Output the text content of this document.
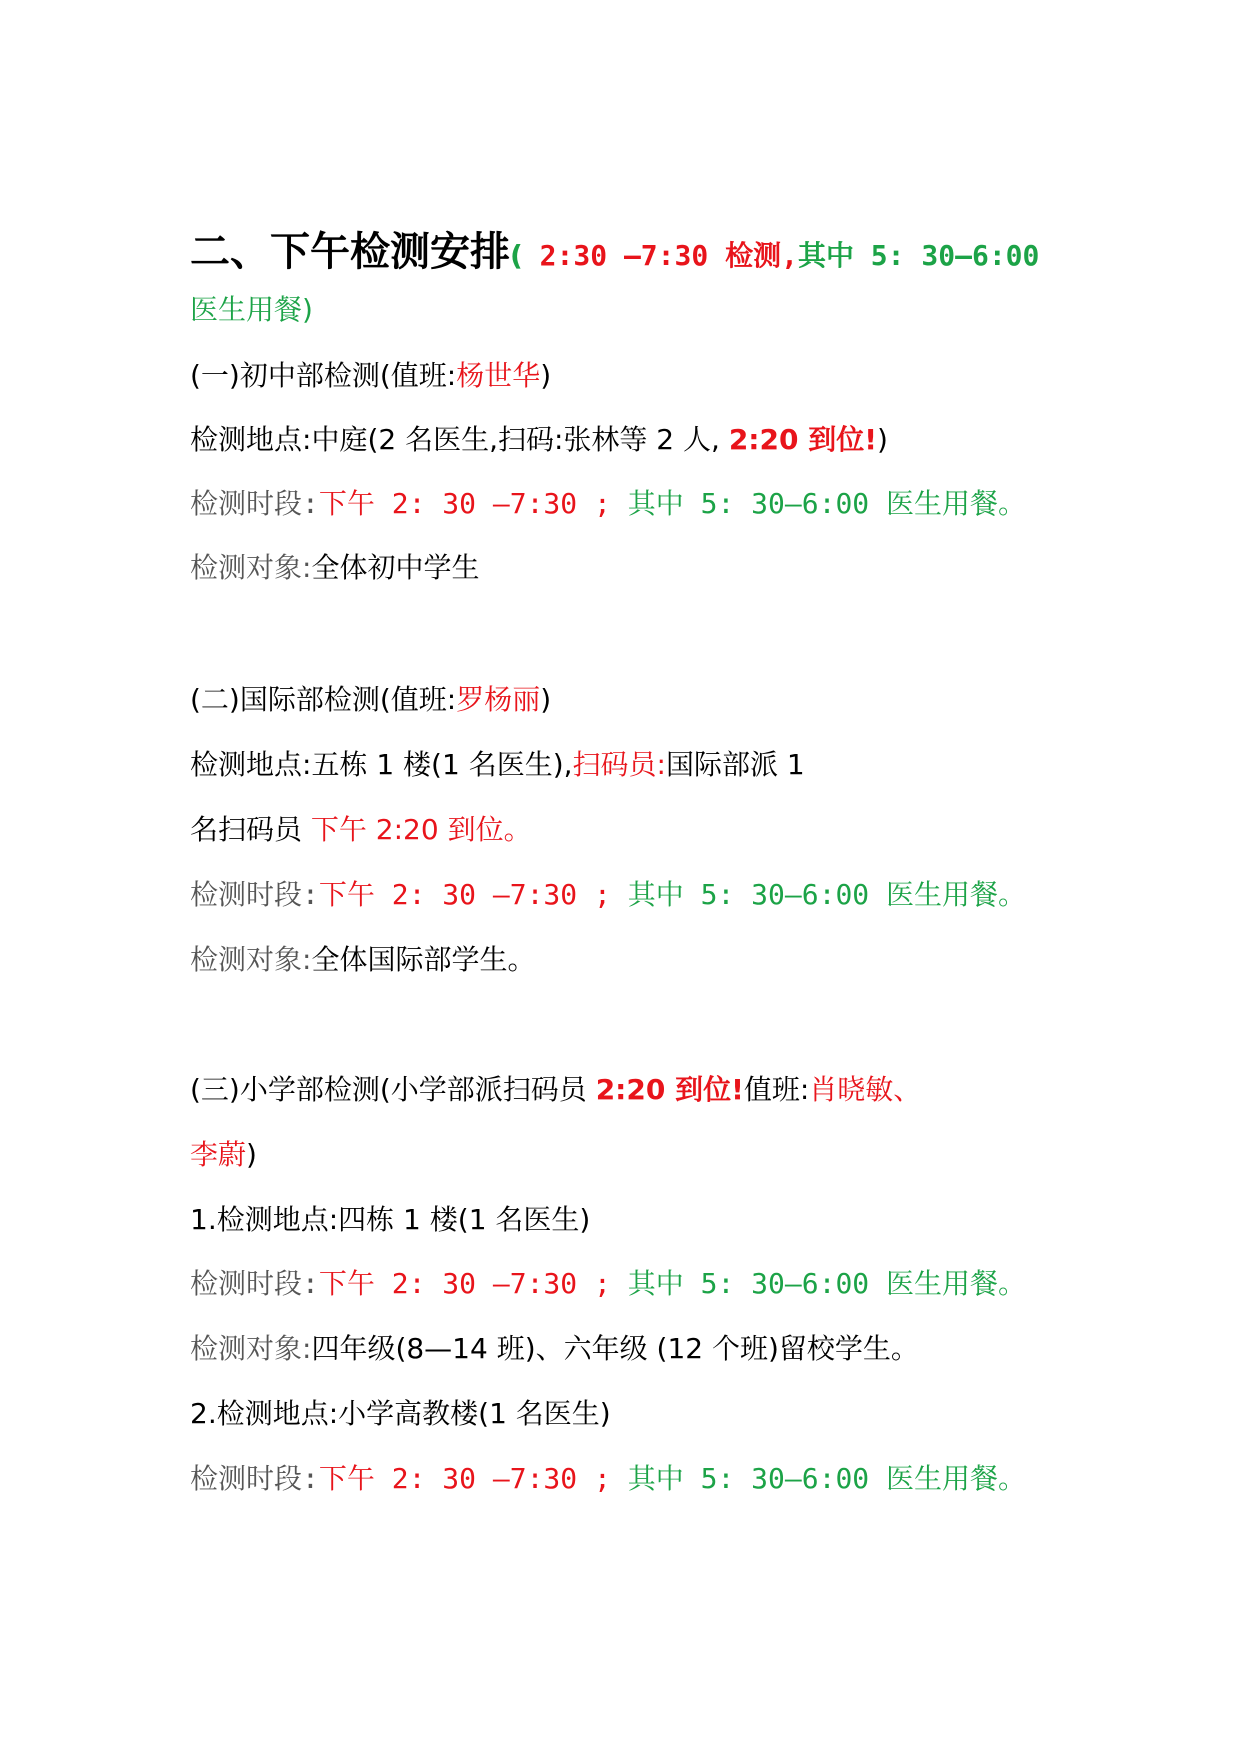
二、下午检测安排( 2:30 —7:30 检测,其中 5: 30—6:00
医生用餐)
(一)初中部检测(值班:杨世华)
检测地点:中庭(2 名医生,扫码:张林等 2 人, 2:20 到位!)
检测时段:下午 2: 30 —7:30 ; 其中 5: 30—6:00 医生用餐。
检测对象:全体初中学生
(二)国际部检测(值班:罗杨丽)
检测地点:五栋 1 楼(1 名医生),扫码员:国际部派 1
名扫码员 下午 2:20 到位。
检测时段:下午 2: 30 —7:30 ; 其中 5: 30—6:00 医生用餐。
检测对象:全体国际部学生。
(三)小学部检测(小学部派扫码员 2:20 到位!值班:肖晓敏、
李蔚)
1.检测地点:四栋 1 楼(1 名医生)
检测时段:下午 2: 30 —7:30 ; 其中 5: 30—6:00 医生用餐。
检测对象:四年级(8—14 班)、六年级 (12 个班)留校学生。
2.检测地点:小学高教楼(1 名医生)
检测时段:下午 2: 30 —7:30 ; 其中 5: 30—6:00 医生用餐。
